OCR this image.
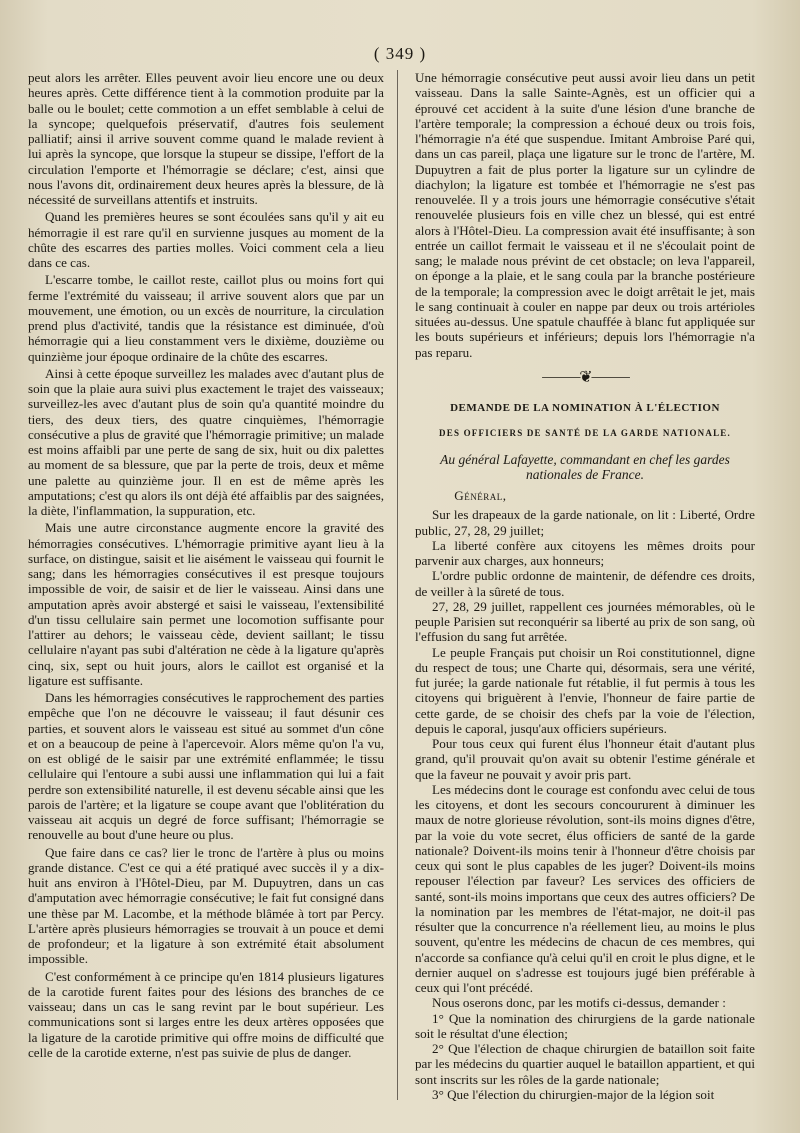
( 349 )

peut alors les arrêter. Elles peuvent avoir lieu encore une ou deux heures après. Cette différence tient à la commotion produite par la balle ou le boulet; cette commotion a un effet semblable à celui de la syncope; quelquefois préservatif, d'autres fois seulement palliatif; ainsi il arrive souvent comme quand le malade revient à lui après la syncope, que lorsque la stupeur se dissipe, l'effort de la circulation l'emporte et l'hémorragie se déclare; c'est, ainsi que nous l'avons dit, ordinairement deux heures après la blessure, de là nécessité de surveillans attentifs et instruits.

Quand les premières heures se sont écoulées sans qu'il y ait eu hémorragie il est rare qu'il en survienne jusques au moment de la chûte des escarres des parties molles. Voici comment cela a lieu dans ce cas.

L'escarre tombe, le caillot reste, caillot plus ou moins fort qui ferme l'extrémité du vaisseau; il arrive souvent alors que par un mouvement, une émotion, ou un excès de nourriture, la circulation prend plus d'activité, tandis que la résistance est diminuée, d'où hémorragie qui a lieu constamment vers le dixième, douzième ou quinzième jour époque ordinaire de la chûte des escarres.

Ainsi à cette époque surveillez les malades avec d'autant plus de soin que la plaie aura suivi plus exactement le trajet des vaisseaux; surveillez-les avec d'autant plus de soin qu'a quantité moindre du tiers, des deux tiers, des quatre cinquièmes, l'hémorragie consécutive a plus de gravité que l'hémorragie primitive; un malade est moins affaibli par une perte de sang de six, huit ou dix palettes au moment de sa blessure, que par la perte de trois, deux et même une palette au quinzième jour. Il en est de même après les amputations; c'est qu alors ils ont déjà été affaiblis par des saignées, la diète, l'inflammation, la suppuration, etc.

Mais une autre circonstance augmente encore la gravité des hémorragies consécutives. L'hémorragie primitive ayant lieu à la surface, on distingue, saisit et lie aisément le vaisseau qui fournit le sang; dans les hémorragies consécutives il est presque toujours impossible de voir, de saisir et de lier le vaisseau. Ainsi dans une amputation après avoir abstergé et saisi le vaisseau, l'extensibilité d'un tissu cellulaire sain permet une locomotion suffisante pour l'attirer au dehors; le vaisseau cède, devient saillant; le tissu cellulaire n'ayant pas subi d'altération ne cède à la ligature qu'après cinq, six, sept ou huit jours, alors le caillot est organisé et la ligature est suffisante.

Dans les hémorragies consécutives le rapprochement des parties empêche que l'on ne découvre le vaisseau; il faut désunir ces parties, et souvent alors le vaisseau est situé au sommet d'un cône et on a beaucoup de peine à l'apercevoir. Alors même qu'on l'a vu, on est obligé de le saisir par une extrémité enflammée; le tissu cellulaire qui l'entoure a subi aussi une inflammation qui lui a fait perdre son extensibilité naturelle, il est devenu sécable ainsi que les parois de l'artère; et la ligature se coupe avant que l'oblitération du vaisseau ait acquis un degré de force suffisant; l'hémorragie se renouvelle au bout d'une heure ou plus.

Que faire dans ce cas? lier le tronc de l'artère à plus ou moins grande distance. C'est ce qui a été pratiqué avec succès il y a dix-huit ans environ à l'Hôtel-Dieu, par M. Dupuytren, dans un cas d'amputation avec hémorragie consécutive; le fait fut consigné dans une thèse par M. Lacombe, et la méthode blâmée à tort par Percy. L'artère après plusieurs hémorragies se trouvait à un pouce et demi de profondeur; et la ligature à son extrémité était absolument impossible.

C'est conformément à ce principe qu'en 1814 plusieurs ligatures de la carotide furent faites pour des lésions des branches de ce vaisseau; dans un cas le sang revint par le bout supérieur. Les communications sont si larges entre les deux artères opposées que la ligature de la carotide primitive qui offre moins de difficulté que celle de la carotide externe, n'est pas suivie de plus de danger.

Une hémorragie consécutive peut aussi avoir lieu dans un petit vaisseau. Dans la salle Sainte-Agnès, est un officier qui a éprouvé cet accident à la suite d'une lésion d'une branche de l'artère temporale; la compression a échoué deux ou trois fois, l'hémorragie n'a été que suspendue. Imitant Ambroise Paré qui, dans un cas pareil, plaça une ligature sur le tronc de l'artère, M. Dupuytren a fait de plus porter la ligature sur un cylindre de diachylon; la ligature est tombée et l'hémorragie ne s'est pas renouvelée. Il y a trois jours une hémorragie consécutive s'était renouvelée plusieurs fois en ville chez un blessé, qui est entré alors à l'Hôtel-Dieu. La compression avait été insuffisante; à son entrée un caillot fermait le vaisseau et il ne s'écoulait point de sang; le malade nous prévint de cet obstacle; on leva l'appareil, on éponge a la plaie, et le sang coula par la branche postérieure de la temporale; la compression avec le doigt arrêtait le jet, mais le sang continuait à couler en nappe par deux ou trois artérioles situées au-dessus. Une spatule chauffée à blanc fut appliquée sur les bouts supérieurs et inférieurs; depuis lors l'hémorragie n'a pas reparu.

⸻❦⸻
DEMANDE DE LA NOMINATION À L'ÉLECTION
DES OFFICIERS DE SANTÉ DE LA GARDE NATIONALE.
Au général Lafayette, commandant en chef les gardes nationales de France.

Général,

Sur les drapeaux de la garde nationale, on lit : Liberté, Ordre public, 27, 28, 29 juillet;

La liberté confère aux citoyens les mêmes droits pour parvenir aux charges, aux honneurs;

L'ordre public ordonne de maintenir, de défendre ces droits, de veiller à la sûreté de tous.

27, 28, 29 juillet, rappellent ces journées mémorables, où le peuple Parisien sut reconquérir sa liberté au prix de son sang, où l'effusion du sang fut arrêtée.

Le peuple Français put choisir un Roi constitutionnel, digne du respect de tous; une Charte qui, désormais, sera une vérité, fut jurée; la garde nationale fut rétablie, il fut permis à tous les citoyens qui briguèrent à l'envie, l'honneur de faire partie de cette garde, de se choisir des chefs par la voie de l'élection, depuis le caporal, jusqu'aux officiers supérieurs.

Pour tous ceux qui furent élus l'honneur était d'autant plus grand, qu'il prouvait qu'on avait su obtenir l'estime générale et que la faveur ne pouvait y avoir pris part.

Les médecins dont le courage est confondu avec celui de tous les citoyens, et dont les secours concoururent à diminuer les maux de notre glorieuse révolution, sont-ils moins dignes d'être, par la voie du vote secret, élus officiers de santé de la garde nationale? Doivent-ils moins tenir à l'honneur d'être choisis par ceux qui sont le plus capables de les juger? Doivent-ils moins repouser l'élection par faveur? Les services des officiers de santé, sont-ils moins importans que ceux des autres officiers? De la nomination par les membres de l'état-major, ne doit-il pas résulter que la concurrence n'a réellement lieu, au moins le plus souvent, qu'entre les médecins de chacun de ces membres, qui n'accorde sa confiance qu'à celui qu'il en croit le plus digne, et le dernier auquel on s'adresse est toujours jugé bien préférable à ceux qui l'ont précédé.

Nous oserons donc, par les motifs ci-dessus, demander :

1° Que la nomination des chirurgiens de la garde nationale soit le résultat d'une élection;

2° Que l'élection de chaque chirurgien de bataillon soit faite par les médecins du quartier auquel le bataillon appartient, et qui sont inscrits sur les rôles de la garde nationale;

3° Que l'élection du chirurgien-major de la légion soit
